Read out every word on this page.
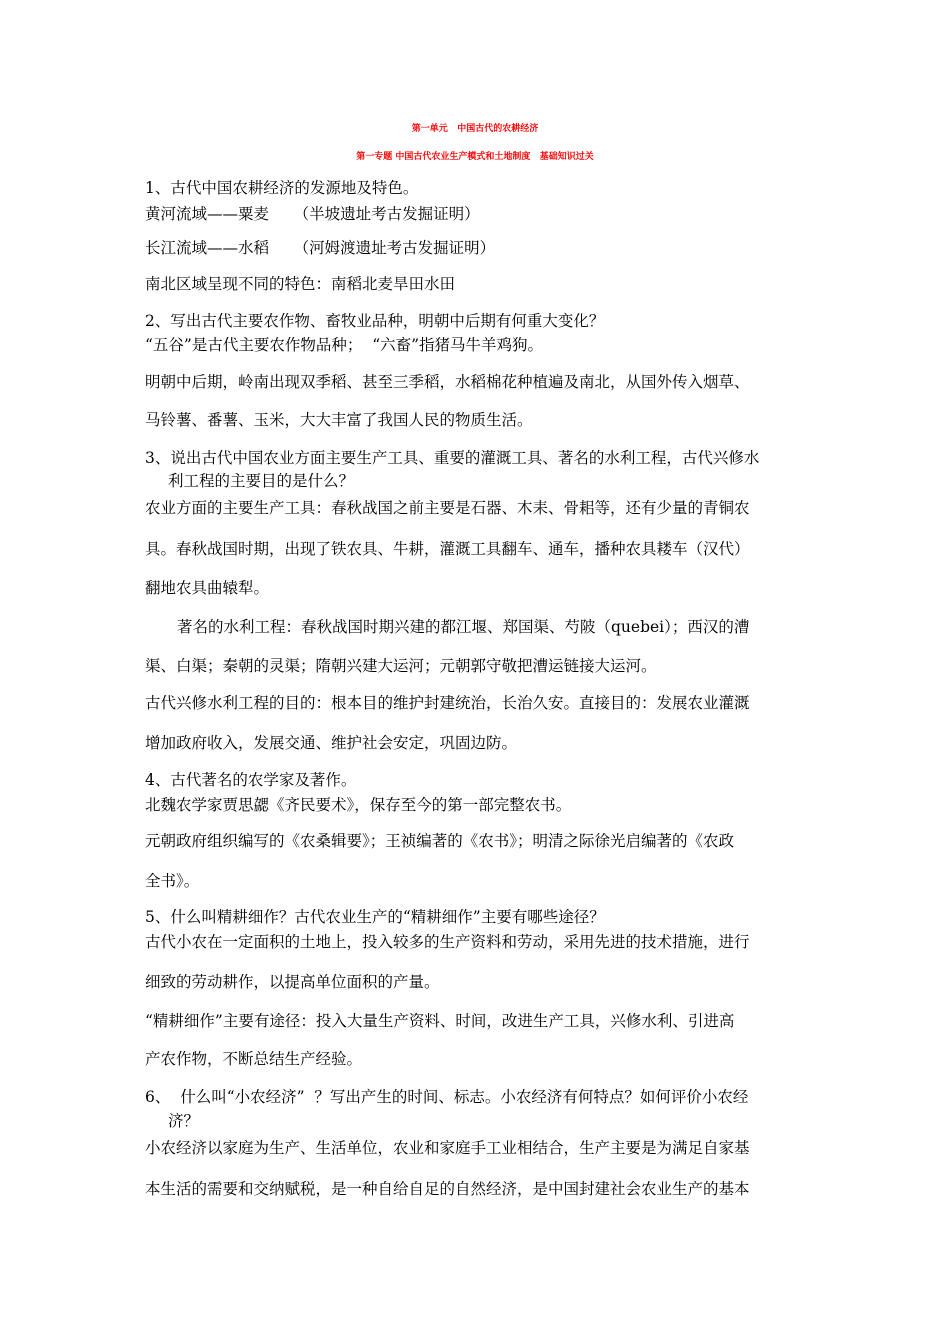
第一单元   中国古代的农耕经济
第一专题 中国古代农业生产模式和土地制度   基础知识过关
1、古代中国农耕经济的发源地及特色。
黄河流域——粟麦     （半坡遗址考古发掘证明）
长江流域——水稻     （河姆渡遗址考古发掘证明）
南北区域呈现不同的特色：南稻北麦旱田水田
2、写出古代主要农作物、畜牧业品种，明朝中后期有何重大变化？
“五谷”是古代主要农作物品种；  “六畜”指猪马牛羊鸡狗。
明朝中后期，岭南出现双季稻、甚至三季稻，水稻棉花种植遍及南北，从国外传入烟草、
马铃薯、番薯、玉米，大大丰富了我国人民的物质生活。
3、说出古代中国农业方面主要生产工具、重要的灌溉工具、著名的水利工程，古代兴修水
利工程的主要目的是什么？
农业方面的主要生产工具：春秋战国之前主要是石器、木耒、骨耜等，还有少量的青铜农
具。春秋战国时期，出现了铁农具、牛耕，灌溉工具翻车、通车，播种农具耧车（汉代）
翻地农具曲辕犁。
著名的水利工程：春秋战国时期兴建的都江堰、郑国渠、芍陂（quebei）；西汉的漕
渠、白渠；秦朝的灵渠；隋朝兴建大运河；元朝郭守敬把漕运链接大运河。
古代兴修水利工程的目的：根本目的维护封建统治，长治久安。直接目的：发展农业灌溉
增加政府收入，发展交通、维护社会安定，巩固边防。
4、古代著名的农学家及著作。
北魏农学家贾思勰《齐民要术》，保存至今的第一部完整农书。
元朝政府组织编写的《农桑辑要》；王祯编著的《农书》；明清之际徐光启编著的《农政
全书》。
5、什么叫精耕细作？古代农业生产的“精耕细作”主要有哪些途径？
古代小农在一定面积的土地上，投入较多的生产资料和劳动，采用先进的技术措施，进行
细致的劳动耕作，以提高单位面积的产量。
“精耕细作”主要有途径：投入大量生产资料、时间，改进生产工具，兴修水利、引进高
产农作物，不断总结生产经验。
6、  什么叫“小农经济”  ？写出产生的时间、标志。小农经济有何特点？如何评价小农经
济？
小农经济以家庭为生产、生活单位，农业和家庭手工业相结合，生产主要是为满足自家基
本生活的需要和交纳赋税，是一种自给自足的自然经济，是中国封建社会农业生产的基本
